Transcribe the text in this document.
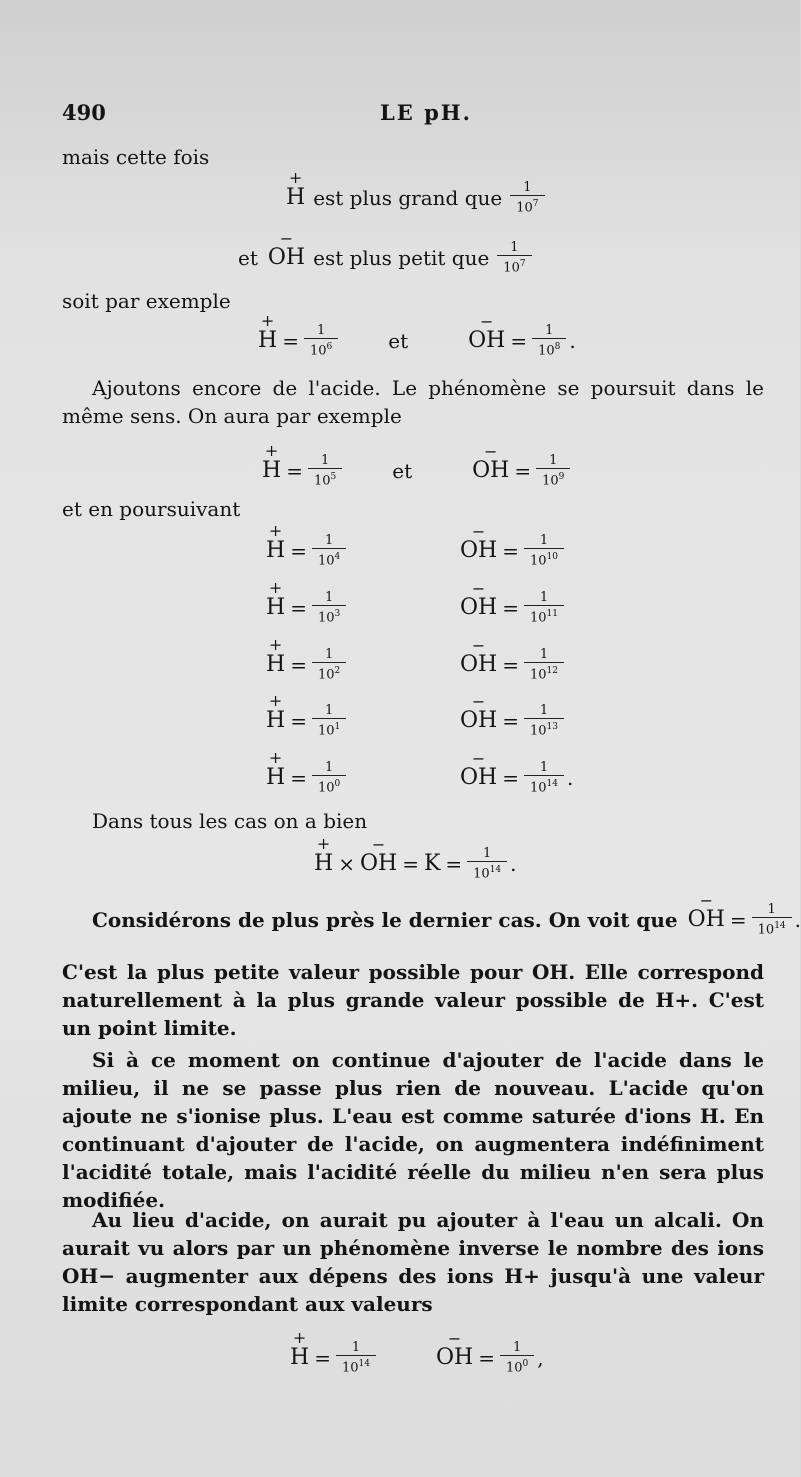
490	LE pH.
mais cette fois
+
H est plus grand que $\frac{1}{10^7}$
et
−
OH est plus petit que $\frac{1}{10^7}$
soit par exemple
+
$H = \frac{1}{10^6}$	et
−
OH = $\frac{1}{10^8}$ .

Ajoutons encore de l'acide. Le phénomène se poursuit dans le même sens. On aura par exemple

+
$H = \frac{1}{10^5}$	et
−
OH = $\frac{1}{10^9}$
et en poursuivant
+
$H = \frac{1}{10^4}$
−
OH = $\frac{1}{10^{10}}$
+
$H = \frac{1}{10^3}$
−
OH = $\frac{1}{10^{11}}$
+
$H = \frac{1}{10^2}$
−
OH = $\frac{1}{10^{12}}$
+
$H = \frac{1}{10^1}$
−
OH = $\frac{1}{10^{13}}$
+
$H = \frac{1}{10^0}$
−
OH = $\frac{1}{10^{14}}$ .
Dans tous les cas on a bien
+
H ×
−
OH = $K = \frac{1}{10^{14}}$ .
Considérons de plus près le dernier cas. On voit que
−
OH = $\frac{1}{10^{14}}$ .

C'est la plus petite valeur possible pour OH. Elle correspond naturellement à la plus grande valeur possible de H+. C'est un point limite.

Si à ce moment on continue d'ajouter de l'acide dans le milieu, il ne se passe plus rien de nouveau. L'acide qu'on ajoute ne s'ionise plus. L'eau est comme saturée d'ions H. En continuant d'ajouter de l'acide, on augmentera indéfiniment l'acidité totale, mais l'acidité réelle du milieu n'en sera plus modifiée.

Au lieu d'acide, on aurait pu ajouter à l'eau un alcali. On aurait vu alors par un phénomène inverse le nombre des ions OH− augmenter aux dépens des ions H+ jusqu'à une valeur limite correspondant aux valeurs

+
$H = \frac{1}{10^{14}}$
−
OH = $\frac{1}{10^0}$ ,
